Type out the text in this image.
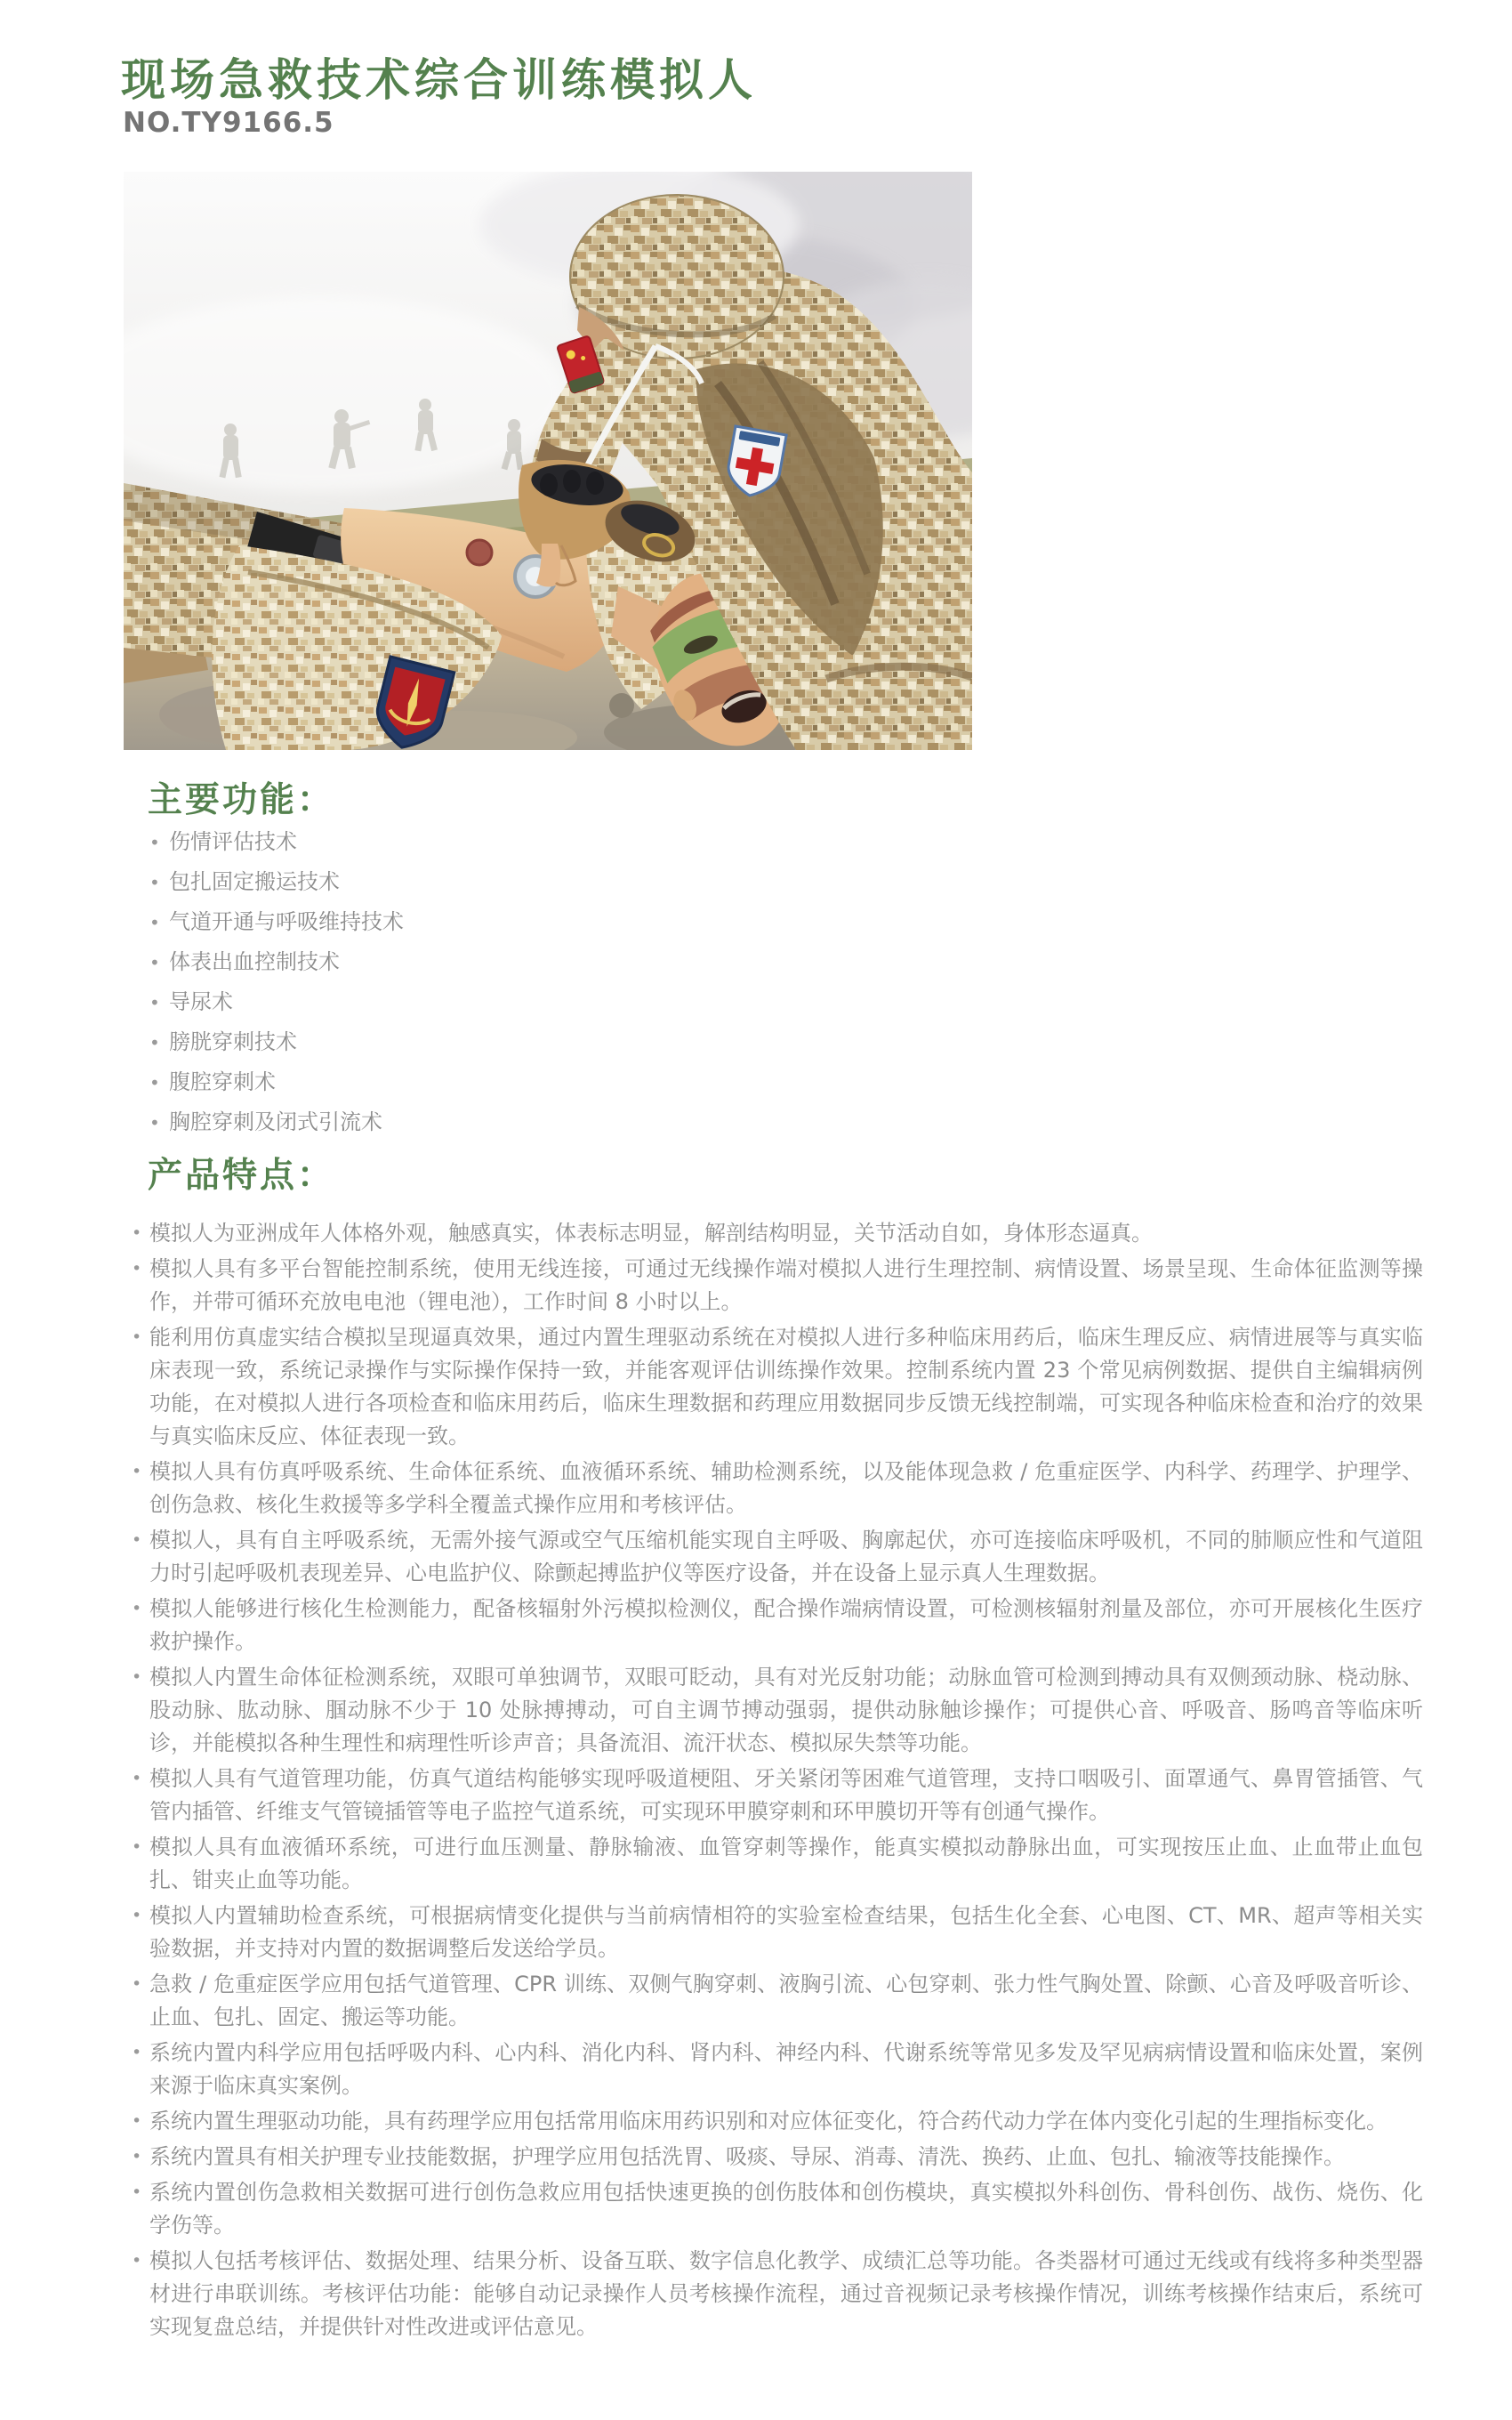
现场急救技术综合训练模拟人
NO.TY9166.5
主要功能：
• 伤情评估技术
• 包扎固定搬运技术
• 气道开通与呼吸维持技术
• 体表出血控制技术
• 导尿术
• 膀胱穿刺技术
• 腹腔穿刺术
• 胸腔穿刺及闭式引流术
产品特点：
• 模拟人为亚洲成年人体格外观，触感真实，体表标志明显，解剖结构明显，关节活动自如，身体形态逼真。
• 模拟人具有多平台智能控制系统，使用无线连接，可通过无线操作端对模拟人进行生理控制、病情设置、场景呈现、生命体征监测等操作，并带可循环充放电电池（锂电池），工作时间 8 小时以上。
• 能利用仿真虚实结合模拟呈现逼真效果，通过内置生理驱动系统在对模拟人进行多种临床用药后，临床生理反应、病情进展等与真实临床表现一致，系统记录操作与实际操作保持一致，并能客观评估训练操作效果。控制系统内置 23 个常见病例数据、提供自主编辑病例功能，在对模拟人进行各项检查和临床用药后，临床生理数据和药理应用数据同步反馈无线控制端，可实现各种临床检查和治疗的效果与真实临床反应、体征表现一致。
• 模拟人具有仿真呼吸系统、生命体征系统、血液循环系统、辅助检测系统，以及能体现急救 / 危重症医学、内科学、药理学、护理学、创伤急救、核化生救援等多学科全覆盖式操作应用和考核评估。
• 模拟人，具有自主呼吸系统，无需外接气源或空气压缩机能实现自主呼吸、胸廓起伏，亦可连接临床呼吸机，不同的肺顺应性和气道阻力时引起呼吸机表现差异、心电监护仪、除颤起搏监护仪等医疗设备，并在设备上显示真人生理数据。
• 模拟人能够进行核化生检测能力，配备核辐射外污模拟检测仪，配合操作端病情设置，可检测核辐射剂量及部位，亦可开展核化生医疗救护操作。
• 模拟人内置生命体征检测系统，双眼可单独调节，双眼可眨动，具有对光反射功能；动脉血管可检测到搏动具有双侧颈动脉、桡动脉、股动脉、肱动脉、腘动脉不少于 10 处脉搏搏动，可自主调节搏动强弱，提供动脉触诊操作；可提供心音、呼吸音、肠鸣音等临床听诊，并能模拟各种生理性和病理性听诊声音；具备流泪、流汗状态、模拟尿失禁等功能。
• 模拟人具有气道管理功能，仿真气道结构能够实现呼吸道梗阻、牙关紧闭等困难气道管理，支持口咽吸引、面罩通气、鼻胃管插管、气管内插管、纤维支气管镜插管等电子监控气道系统，可实现环甲膜穿刺和环甲膜切开等有创通气操作。
• 模拟人具有血液循环系统，可进行血压测量、静脉输液、血管穿刺等操作，能真实模拟动静脉出血，可实现按压止血、止血带止血包扎、钳夹止血等功能。
• 模拟人内置辅助检查系统，可根据病情变化提供与当前病情相符的实验室检查结果，包括生化全套、心电图、CT、MR、超声等相关实验数据，并支持对内置的数据调整后发送给学员。
• 急救 / 危重症医学应用包括气道管理、CPR 训练、双侧气胸穿刺、液胸引流、心包穿刺、张力性气胸处置、除颤、心音及呼吸音听诊、止血、包扎、固定、搬运等功能。
• 系统内置内科学应用包括呼吸内科、心内科、消化内科、肾内科、神经内科、代谢系统等常见多发及罕见病病情设置和临床处置，案例来源于临床真实案例。
• 系统内置生理驱动功能，具有药理学应用包括常用临床用药识别和对应体征变化，符合药代动力学在体内变化引起的生理指标变化。
• 系统内置具有相关护理专业技能数据，护理学应用包括洗胃、吸痰、导尿、消毒、清洗、换药、止血、包扎、输液等技能操作。
• 系统内置创伤急救相关数据可进行创伤急救应用包括快速更换的创伤肢体和创伤模块，真实模拟外科创伤、骨科创伤、战伤、烧伤、化学伤等。
• 模拟人包括考核评估、数据处理、结果分析、设备互联、数字信息化教学、成绩汇总等功能。各类器材可通过无线或有线将多种类型器材进行串联训练。考核评估功能：能够自动记录操作人员考核操作流程，通过音视频记录考核操作情况，训练考核操作结束后，系统可实现复盘总结，并提供针对性改进或评估意见。
